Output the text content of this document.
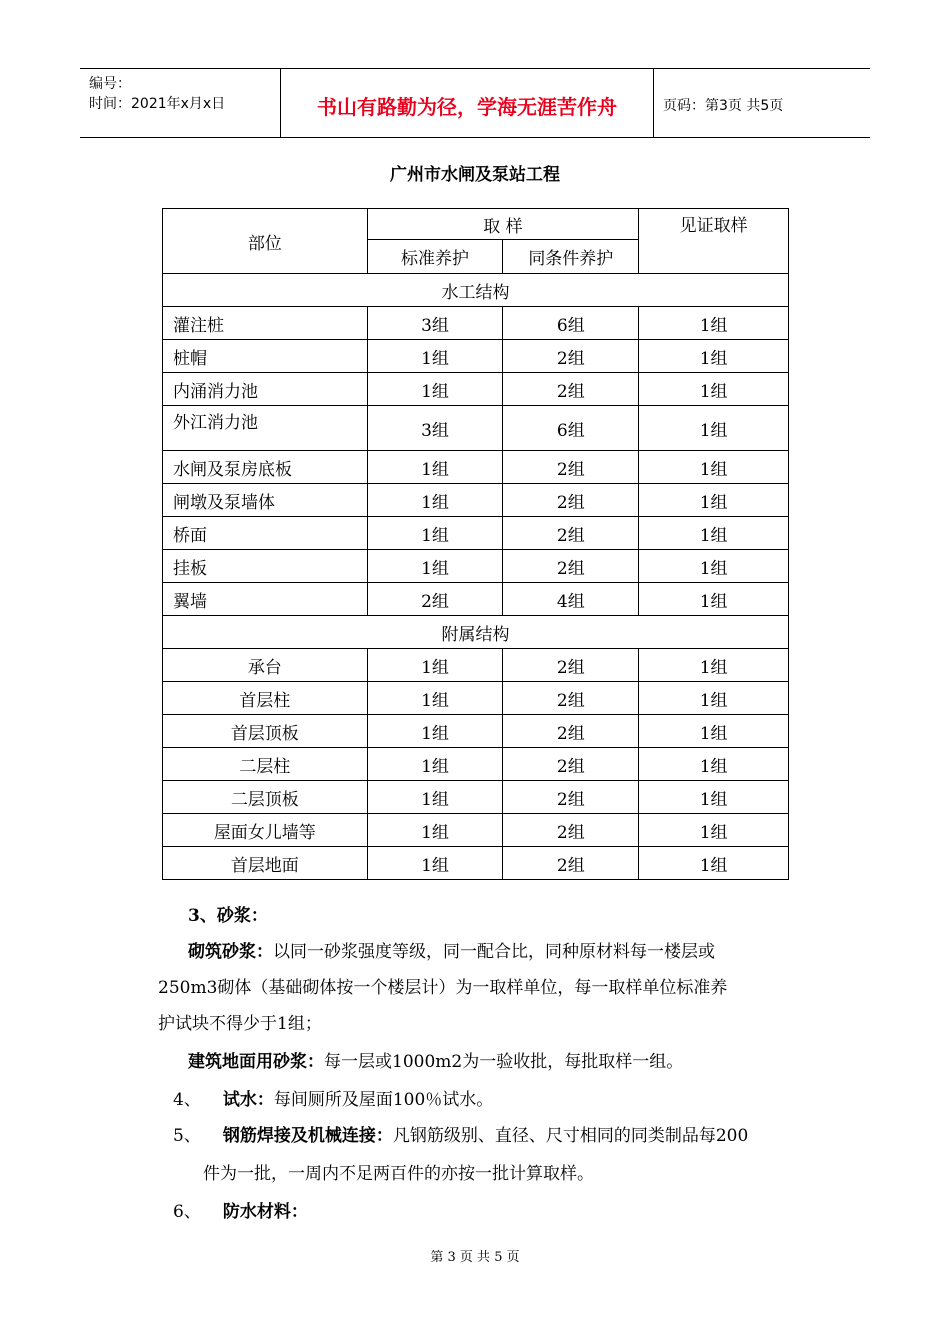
编号：
时间：2021年x月x日	书山有路勤为径，学海无涯苦作舟	页码：第3页 共5页
广州市水闸及泵站工程
部位	取 样		见证取样
	标准养护	同条件养护	
水工结构			
灌注桩	3组	6组	1组
桩帽	1组	2组	1组
内涌消力池	1组	2组	1组
外江消力池	3组	6组	1组
水闸及泵房底板	1组	2组	1组
闸墩及泵墙体	1组	2组	1组
桥面	1组	2组	1组
挂板	1组	2组	1组
翼墙	2组	4组	1组
附属结构			
承台	1组	2组	1组
首层柱	1组	2组	1组
首层顶板	1组	2组	1组
二层柱	1组	2组	1组
二层顶板	1组	2组	1组
屋面女儿墙等	1组	2组	1组
首层地面	1组	2组	1组
3、砂浆：
砌筑砂浆：以同一砂浆强度等级，同一配合比，同种原材料每一楼层或
250m3砌体（基础砌体按一个楼层计）为一取样单位，每一取样单位标准养
护试块不得少于1组；
建筑地面用砂浆：每一层或1000m2为一验收批，每批取样一组。
4、 试水：每间厕所及屋面100％试水。
5、 钢筋焊接及机械连接：凡钢筋级别、直径、尺寸相同的同类制品每200
件为一批，一周内不足两百件的亦按一批计算取样。
6、 防水材料：
第 3 页 共 5 页
